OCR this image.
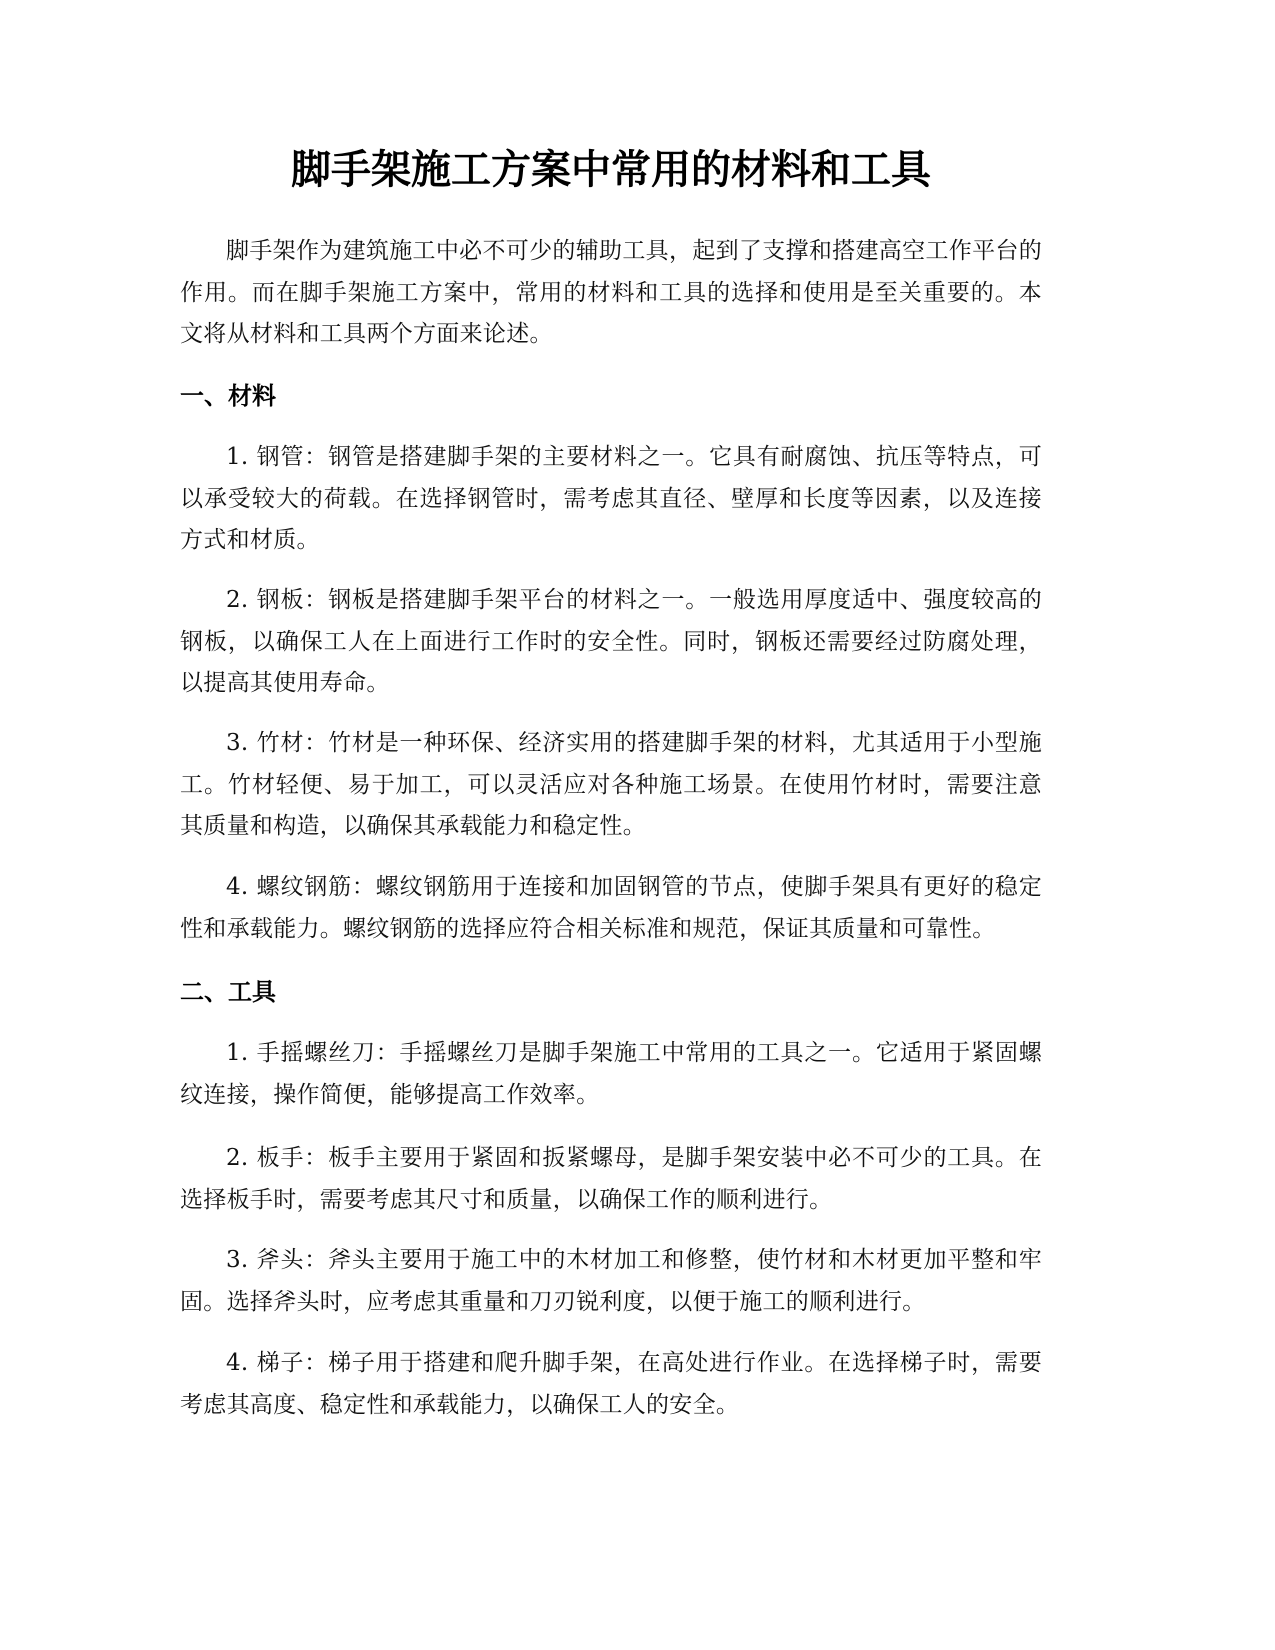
脚手架施工方案中常用的材料和工具

脚手架作为建筑施工中必不可少的辅助工具，起到了支撑和搭建高空工作平台的作用。而在脚手架施工方案中，常用的材料和工具的选择和使用是至关重要的。本文将从材料和工具两个方面来论述。

一、材料

1. 钢管：钢管是搭建脚手架的主要材料之一。它具有耐腐蚀、抗压等特点，可以承受较大的荷载。在选择钢管时，需考虑其直径、壁厚和长度等因素，以及连接方式和材质。

2. 钢板：钢板是搭建脚手架平台的材料之一。一般选用厚度适中、强度较高的钢板，以确保工人在上面进行工作时的安全性。同时，钢板还需要经过防腐处理，以提高其使用寿命。

3. 竹材：竹材是一种环保、经济实用的搭建脚手架的材料，尤其适用于小型施工。竹材轻便、易于加工，可以灵活应对各种施工场景。在使用竹材时，需要注意其质量和构造，以确保其承载能力和稳定性。

4. 螺纹钢筋：螺纹钢筋用于连接和加固钢管的节点，使脚手架具有更好的稳定性和承载能力。螺纹钢筋的选择应符合相关标准和规范，保证其质量和可靠性。

二、工具

1. 手摇螺丝刀：手摇螺丝刀是脚手架施工中常用的工具之一。它适用于紧固螺纹连接，操作简便，能够提高工作效率。

2. 板手：板手主要用于紧固和扳紧螺母，是脚手架安装中必不可少的工具。在选择板手时，需要考虑其尺寸和质量，以确保工作的顺利进行。

3. 斧头：斧头主要用于施工中的木材加工和修整，使竹材和木材更加平整和牢固。选择斧头时，应考虑其重量和刀刃锐利度，以便于施工的顺利进行。

4. 梯子：梯子用于搭建和爬升脚手架，在高处进行作业。在选择梯子时，需要考虑其高度、稳定性和承载能力，以确保工人的安全。
